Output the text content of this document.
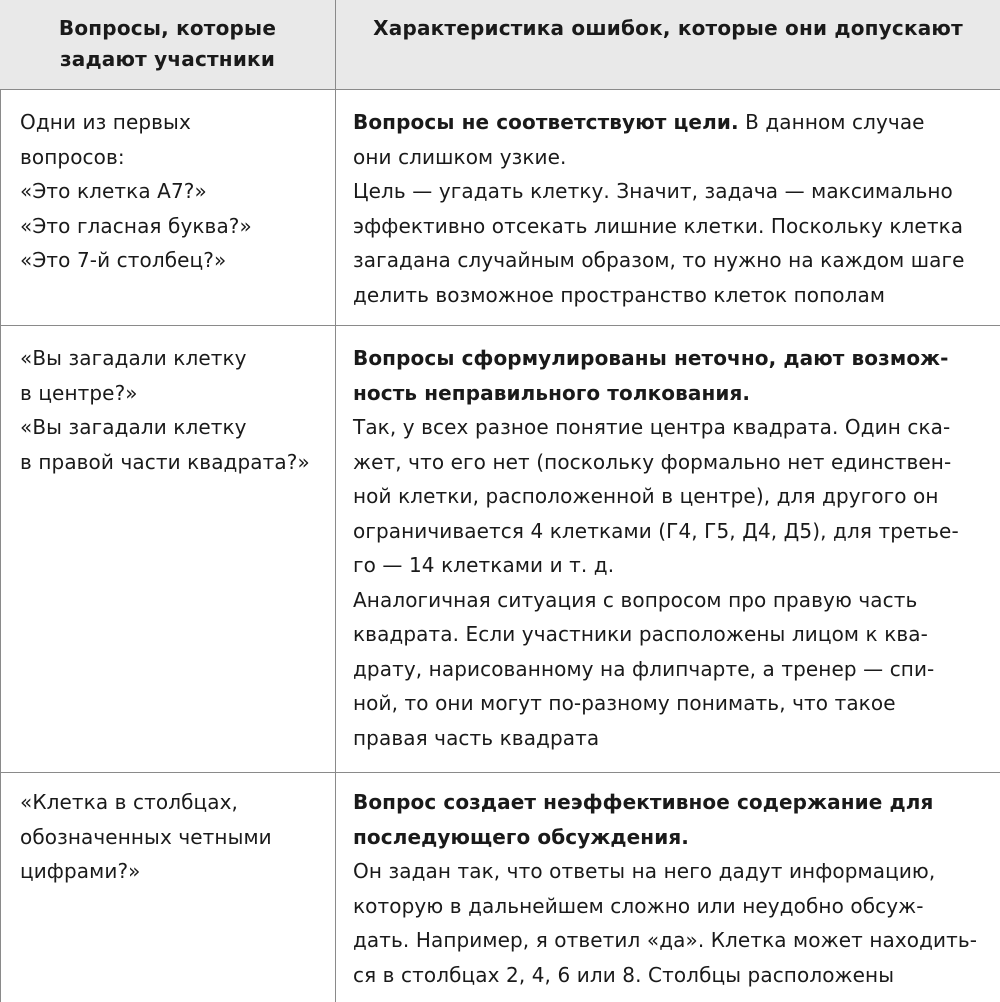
Вопросы, которые
задают участники
Характеристика ошибок, которые они допускают
Одни из первых
вопросов:
«Это клетка А7?»
«Это гласная буква?»
«Это 7-й столбец?»
Вопросы не соответствуют цели. В данном случае
они слишком узкие.
Цель — угадать клетку. Значит, задача — максимально
эффективно отсекать лишние клетки. Поскольку клетка
загадана случайным образом, то нужно на каждом шаге
делить возможное пространство клеток пополам
«Вы загадали клетку
в центре?»
«Вы загадали клетку
в правой части квадрата?»
Вопросы сформулированы неточно, дают возмож-
ность неправильного толкования.
Так, у всех разное понятие центра квадрата. Один ска-
жет, что его нет (поскольку формально нет единствен-
ной клетки, расположенной в центре), для другого он
ограничивается 4 клетками (Г4, Г5, Д4, Д5), для третье-
го — 14 клетками и т. д.
Аналогичная ситуация с вопросом про правую часть
квадрата. Если участники расположены лицом к ква-
драту, нарисованному на флипчарте, а тренер — спи-
ной, то они могут по-разному понимать, что такое
правая часть квадрата
«Клетка в столбцах,
обозначенных четными
цифрами?»
Вопрос создает неэффективное содержание для
последующего обсуждения.
Он задан так, что ответы на него дадут информацию,
которую в дальнейшем сложно или неудобно обсуж-
дать. Например, я ответил «да». Клетка может находить-
ся в столбцах 2, 4, 6 или 8. Столбцы расположены
